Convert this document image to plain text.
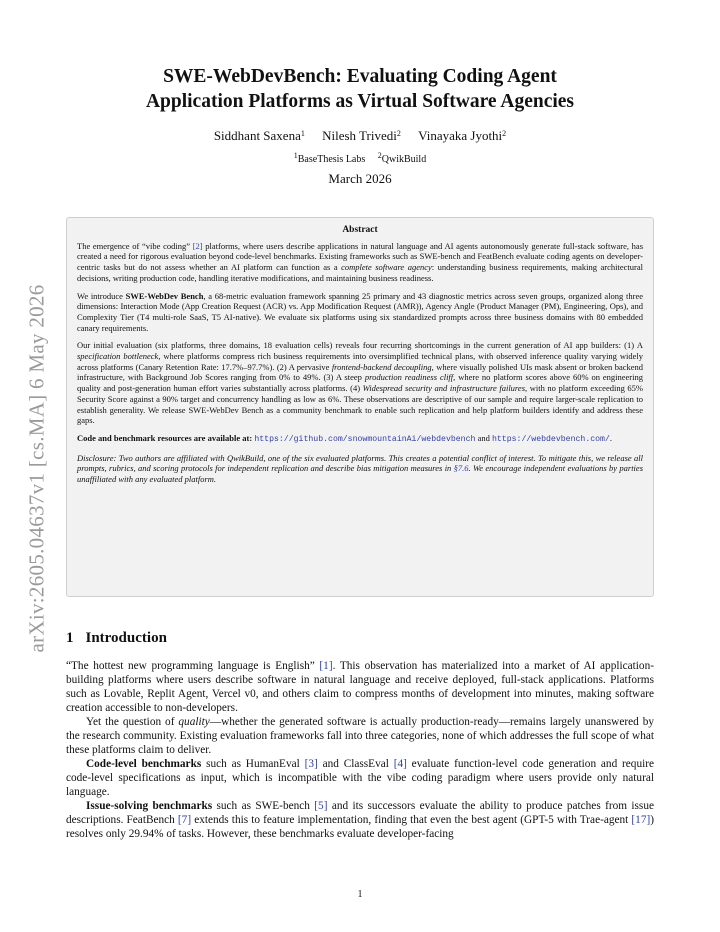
arXiv:2605.04637v1 [cs.MA] 6 May 2026
SWE-WebDevBench: Evaluating Coding Agent
Application Platforms as Virtual Software Agencies
Siddhant Saxena$^1$ Nilesh Trivedi$^2$ Vinayaka Jyothi$^2$
$^1$BaseThesis Labs $^2$QwikBuild
March 2026
Abstract

The emergence of “vibe coding” [2] platforms, where users describe applications in natural language and AI agents autonomously generate full-stack software, has created a need for rigorous evaluation beyond code-level benchmarks. Existing frameworks such as SWE-bench and FeatBench evaluate coding agents on developer-centric tasks but do not assess whether an AI platform can function as a complete software agency: understanding business requirements, making architectural decisions, writing production code, handling iterative modifications, and maintaining business readiness.

We introduce SWE-WebDev Bench, a 68-metric evaluation framework spanning 25 primary and 43 diagnostic metrics across seven groups, organized along three dimensions: Interaction Mode (App Creation Request (ACR) vs. App Modification Request (AMR)), Agency Angle (Product Manager (PM), Engineering, Ops), and Complexity Tier (T4 multi-role SaaS, T5 AI-native). We evaluate six platforms using six standardized prompts across three business domains with 80 embedded canary requirements.

Our initial evaluation (six platforms, three domains, 18 evaluation cells) reveals four recurring shortcomings in the current generation of AI app builders: (1) A specification bottleneck, where platforms compress rich business requirements into oversimplified technical plans, with observed inference quality varying widely across platforms (Canary Retention Rate: 17.7%–97.7%). (2) A pervasive frontend-backend decoupling, where visually polished UIs mask absent or broken backend infrastructure, with Background Job Scores ranging from 0% to 49%. (3) A steep production readiness cliff, where no platform scores above 60% on engineering quality and post-generation human effort varies substantially across platforms. (4) Widespread security and infrastructure failures, with no platform exceeding 65% Security Score against a 90% target and concurrency handling as low as 6%. These observations are descriptive of our sample and require larger-scale replication to establish generality. We release SWE-WebDev Bench as a community benchmark to enable such replication and help platform builders identify and address these gaps.

Code and benchmark resources are available at: https://github.com/snowmountainAi/webdevbench and https://webdevbench.com/.

Disclosure: Two authors are affiliated with QwikBuild, one of the six evaluated platforms. This creates a potential conflict of interest. To mitigate this, we release all prompts, rubrics, and scoring protocols for independent replication and describe bias mitigation measures in §7.6. We encourage independent evaluations by parties unaffiliated with any evaluated platform.

1 Introduction

“The hottest new programming language is English” [1]. This observation has materialized into a market of AI application-building platforms where users describe software in natural language and receive deployed, full-stack applications. Platforms such as Lovable, Replit Agent, Vercel v0, and others claim to compress months of development into minutes, making software creation accessible to non-developers.

Yet the question of quality—whether the generated software is actually production-ready—remains largely unanswered by the research community. Existing evaluation frameworks fall into three categories, none of which addresses the full scope of what these platforms claim to deliver.

Code-level benchmarks such as HumanEval [3] and ClassEval [4] evaluate function-level code generation and require code-level specifications as input, which is incompatible with the vibe coding paradigm where users provide only natural language.

Issue-solving benchmarks such as SWE-bench [5] and its successors evaluate the ability to produce patches from issue descriptions. FeatBench [7] extends this to feature implementation, finding that even the best agent (GPT-5 with Trae-agent [17]) resolves only 29.94% of tasks. However, these benchmarks evaluate developer-facing

1
